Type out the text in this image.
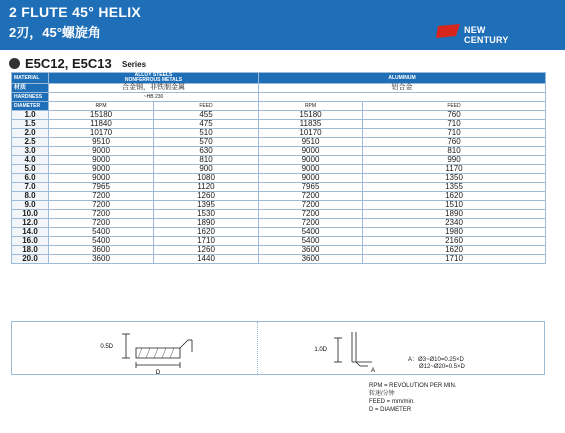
2 FLUTE 45° HELIX
2刃，45°螺旋角	NEW CENTURY
E5C12, E5C13 Series
MATERIAL	ALLOY STEELS
NONFERROUS METALS		ALUMINUM	
材质	合金钢，非铁制金属		铝合金	
HARDNESS	~HB 230			
DIAMETER	RPM	FEED	RPM	FEED
1.0	15180	455	15180	760
1.5	11840	475	11835	710
2.0	10170	510	10170	710
2.5	9510	570	9510	760
3.0	9000	630	9000	810
4.0	9000	810	9000	990
5.0	9000	900	9000	1170
6.0	9000	1080	9000	1350
7.0	7965	1120	7965	1355
8.0	7200	1260	7200	1620
9.0	7200	1395	7200	1510
10.0	7200	1530	7200	1890
12.0	7200	1890	7200	2340
14.0	5400	1620	5400	1980
16.0	5400	1710	5400	2160
18.0	3600	1260	3600	1620
20.0	3600	1440	3600	1710
0.5D
D
1.0D
A
A：Ø3~Ø10=0.25×D
Ø12~Ø20=0.5×D
RPM = REVOLUTION PER MIN.
转速/分钟
FEED = mm/min.
D = DIAMETER
